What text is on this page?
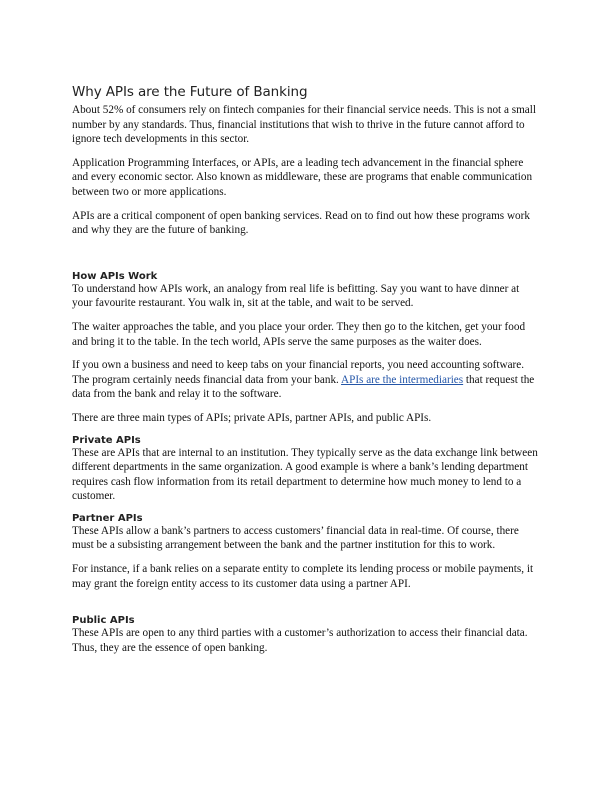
Why APIs are the Future of Banking

About 52% of consumers rely on fintech companies for their financial service needs. This is not a small number by any standards. Thus, financial institutions that wish to thrive in the future cannot afford to ignore tech developments in this sector.

Application Programming Interfaces, or APIs, are a leading tech advancement in the financial sphere and every economic sector. Also known as middleware, these are programs that enable communication between two or more applications.

APIs are a critical component of open banking services. Read on to find out how these programs work and why they are the future of banking.

How APIs Work

To understand how APIs work, an analogy from real life is befitting. Say you want to have dinner at your favourite restaurant. You walk in, sit at the table, and wait to be served.

The waiter approaches the table, and you place your order. They then go to the kitchen, get your food and bring it to the table. In the tech world, APIs serve the same purposes as the waiter does.

If you own a business and need to keep tabs on your financial reports, you need accounting software. The program certainly needs financial data from your bank. APIs are the intermediaries that request the data from the bank and relay it to the software.

There are three main types of APIs; private APIs, partner APIs, and public APIs.

Private APIs

These are APIs that are internal to an institution. They typically serve as the data exchange link between different departments in the same organization. A good example is where a bank’s lending department requires cash flow information from its retail department to determine how much money to lend to a customer.

Partner APIs

These APIs allow a bank’s partners to access customers’ financial data in real-time. Of course, there must be a subsisting arrangement between the bank and the partner institution for this to work.

For instance, if a bank relies on a separate entity to complete its lending process or mobile payments, it may grant the foreign entity access to its customer data using a partner API.

Public APIs

These APIs are open to any third parties with a customer’s authorization to access their financial data. Thus, they are the essence of open banking.
